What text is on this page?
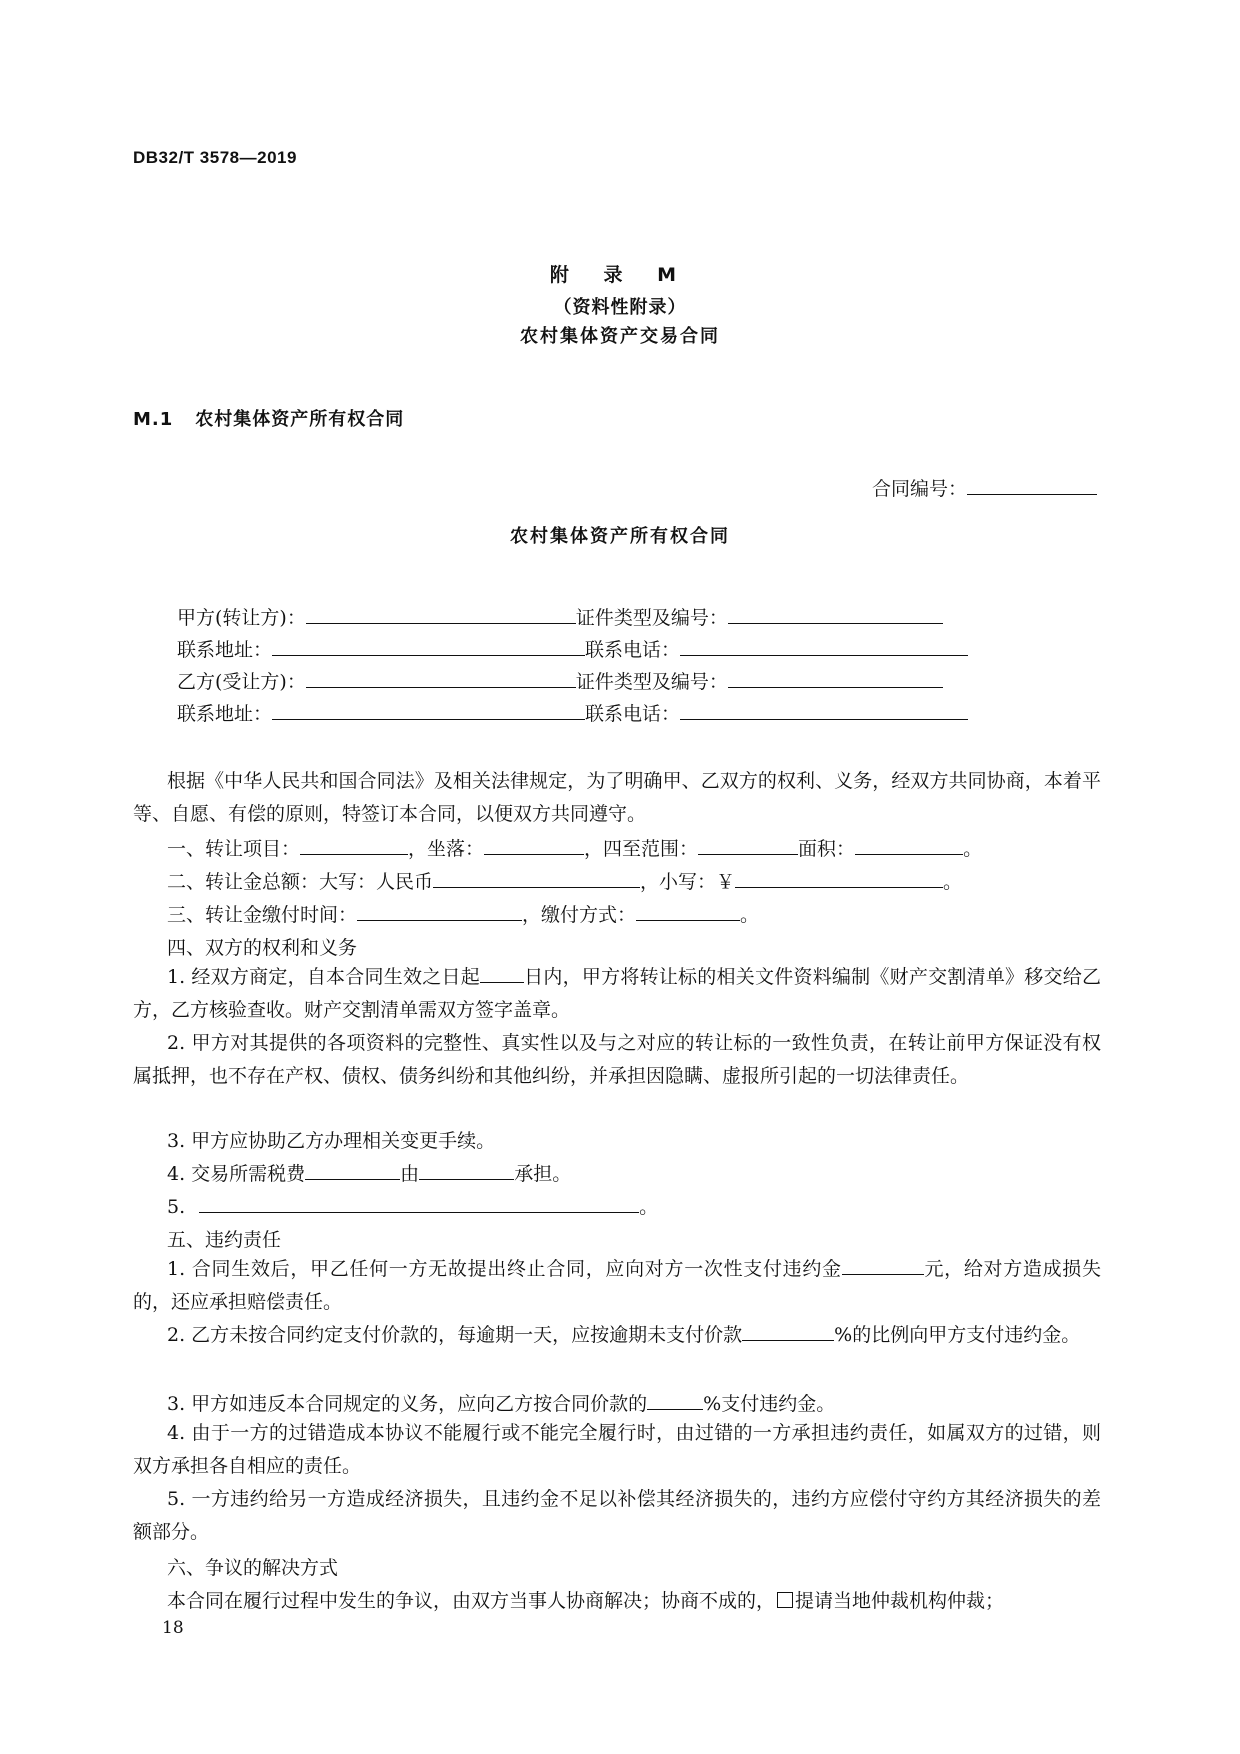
DB32/T 3578—2019
附 录 M
（资料性附录）
农村集体资产交易合同
M.1 农村集体资产所有权合同
合同编号：
农村集体资产所有权合同
甲方(转让方)：	证件类型及编号：
联系地址：	联系电话：
乙方(受让方)：	证件类型及编号：
联系地址：	联系电话：
根据《中华人民共和国合同法》及相关法律规定，为了明确甲、乙双方的权利、义务，经双方共同协商，本着平等、自愿、有偿的原则，特签订本合同，以便双方共同遵守。
一、转让项目：	，坐落：	，四至范围：	面积：	。
二、转让金总额：大写：人民币	，小写：￥	。
三、转让金缴付时间：	，缴付方式：	。
四、双方的权利和义务
1. 经双方商定，自本合同生效之日起 日内，甲方将转让标的相关文件资料编制《财产交割清单》移交给乙方，乙方核验查收。财产交割清单需双方签字盖章。
2. 甲方对其提供的各项资料的完整性、真实性以及与之对应的转让标的一致性负责，在转让前甲方保证没有权属抵押，也不存在产权、债权、债务纠纷和其他纠纷，并承担因隐瞒、虚报所引起的一切法律责任。
3. 甲方应协助乙方办理相关变更手续。
4. 交易所需税费	由	承担。
5.	。
五、违约责任
1. 合同生效后，甲乙任何一方无故提出终止合同，应向对方一次性支付违约金	元，给对方造成损失的，还应承担赔偿责任。
2. 乙方未按合同约定支付价款的，每逾期一天，应按逾期未支付价款	%的比例向甲方支付违约金。
3. 甲方如违反本合同规定的义务，应向乙方按合同价款的	%支付违约金。
4. 由于一方的过错造成本协议不能履行或不能完全履行时，由过错的一方承担违约责任，如属双方的过错，则双方承担各自相应的责任。
5. 一方违约给另一方造成经济损失，且违约金不足以补偿其经济损失的，违约方应偿付守约方其经济损失的差额部分。
六、争议的解决方式
本合同在履行过程中发生的争议，由双方当事人协商解决；协商不成的， 提请当地仲裁机构仲裁；
18
